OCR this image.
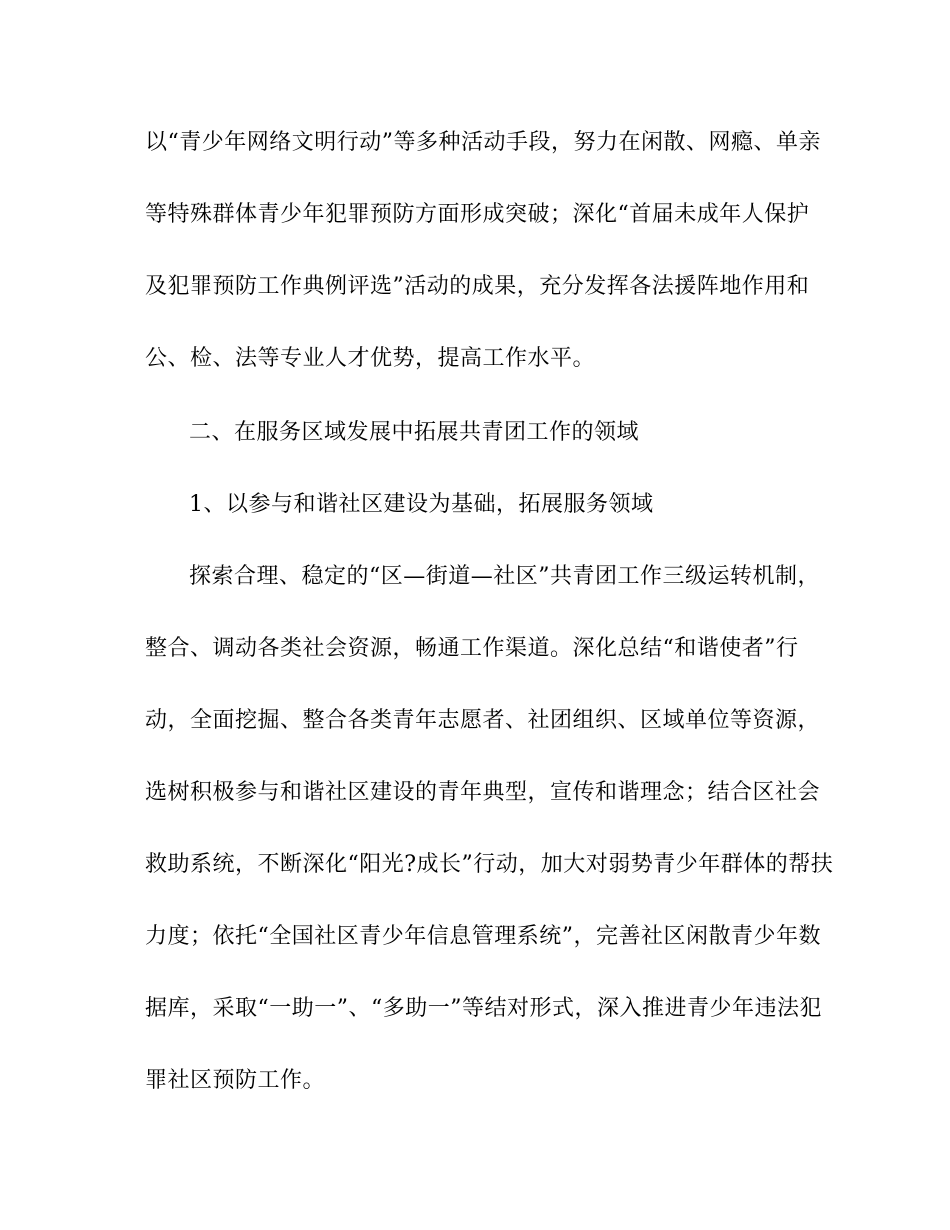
以“青少年网络文明行动”等多种活动手段，努力在闲散、网瘾、单亲
等特殊群体青少年犯罪预防方面形成突破；深化“首届未成年人保护
及犯罪预防工作典例评选”活动的成果，充分发挥各法援阵地作用和
公、检、法等专业人才优势，提高工作水平。
二、在服务区域发展中拓展共青团工作的领域
1、以参与和谐社区建设为基础，拓展服务领域
探索合理、稳定的“区—街道—社区”共青团工作三级运转机制，
整合、调动各类社会资源，畅通工作渠道。深化总结“和谐使者”行
动，全面挖掘、整合各类青年志愿者、社团组织、区域单位等资源，
选树积极参与和谐社区建设的青年典型，宣传和谐理念；结合区社会
救助系统，不断深化“阳光?成长”行动，加大对弱势青少年群体的帮扶
力度；依托“全国社区青少年信息管理系统”，完善社区闲散青少年数
据库，采取“一助一”、“多助一”等结对形式，深入推进青少年违法犯
罪社区预防工作。
